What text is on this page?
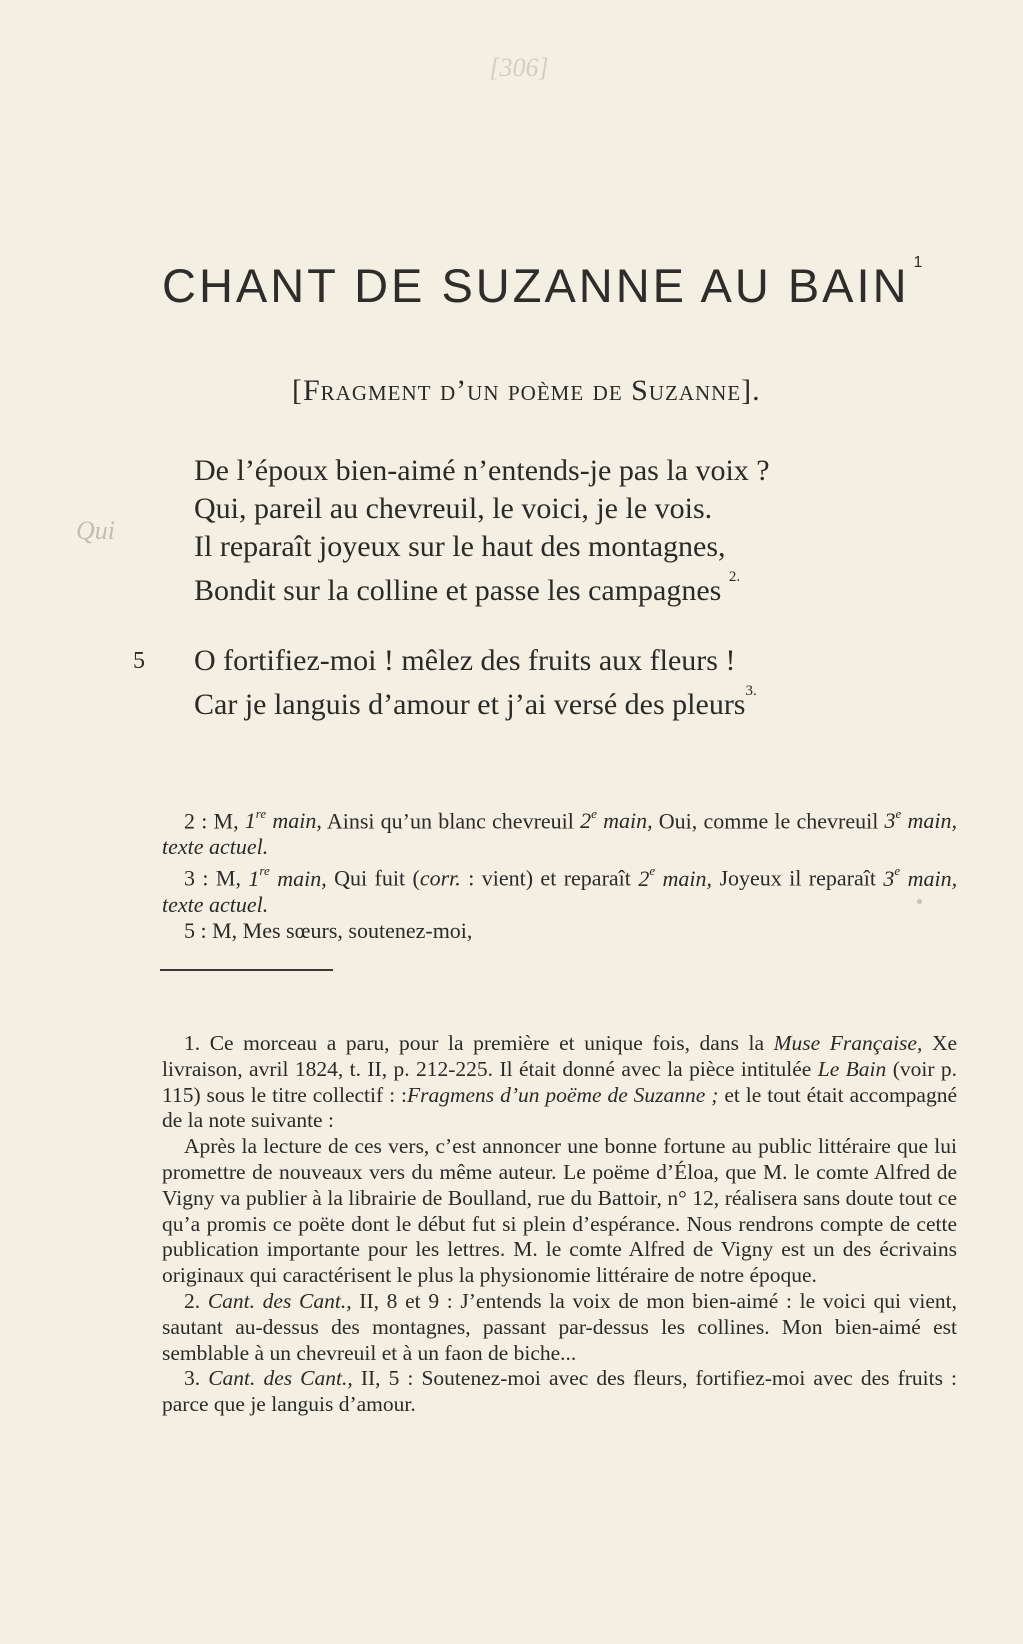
[306]
CHANT DE SUZANNE AU BAIN $^1$
[Fragment d’un poème de Suzanne].
Qui
De l’époux bien-aimé n’entends-je pas la voix ?
Qui, pareil au chevreuil, le voici, je le vois.
Il reparaît joyeux sur le haut des montagnes,
Bondit sur la colline et passe les campagnes $^{2.}$
5 O fortifiez-moi ! mêlez des fruits aux fleurs !
Car je languis d’amour et j’ai versé des pleurs$^{3.}$

2 : M, 1re main, Ainsi qu’un blanc chevreuil 2e main, Oui, comme le chevreuil 3e main, texte actuel.

3 : M, 1re main, Qui fuit (corr. : vient) et reparaît 2e main, Joyeux il reparaît 3e main, texte actuel.

5 : M, Mes sœurs, soutenez-moi,

1. Ce morceau a paru, pour la première et unique fois, dans la Muse Française, Xe livraison, avril 1824, t. II, p. 212-225. Il était donné avec la pièce intitulée Le Bain (voir p. 115) sous le titre collectif : :Fragmens d’un poëme de Suzanne ; et le tout était accompagné de la note suivante :

Après la lecture de ces vers, c’est annoncer une bonne fortune au public littéraire que lui promettre de nouveaux vers du même auteur. Le poëme d’Éloa, que M. le comte Alfred de Vigny va publier à la librairie de Boulland, rue du Battoir, n° 12, réalisera sans doute tout ce qu’a promis ce poëte dont le début fut si plein d’espérance. Nous rendrons compte de cette publication importante pour les lettres. M. le comte Alfred de Vigny est un des écrivains originaux qui caractérisent le plus la physionomie littéraire de notre époque.

2. Cant. des Cant., II, 8 et 9 : J’entends la voix de mon bien-aimé : le voici qui vient, sautant au-dessus des montagnes, passant par-dessus les collines. Mon bien-aimé est semblable à un chevreuil et à un faon de biche...

3. Cant. des Cant., II, 5 : Soutenez-moi avec des fleurs, fortifiez-moi avec des fruits : parce que je languis d’amour.
